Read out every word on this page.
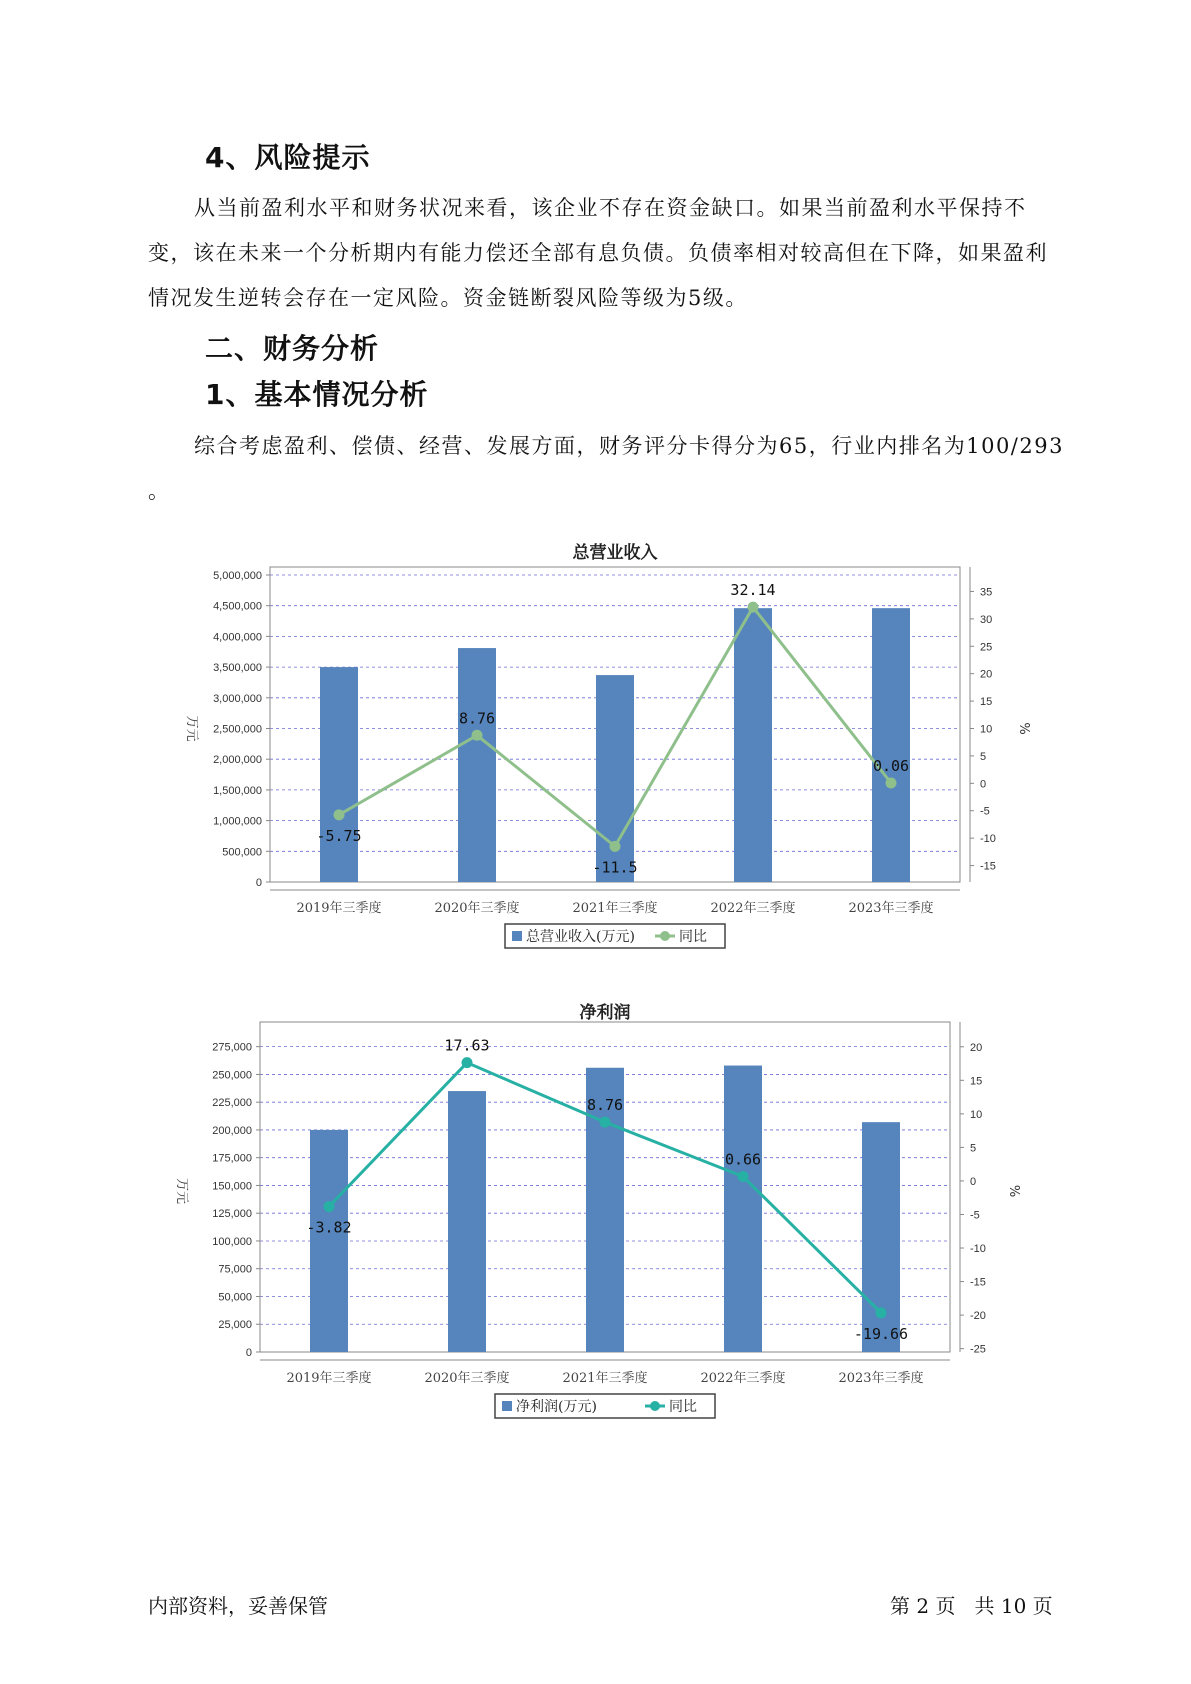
4、风险提示
从当前盈利水平和财务状况来看，该企业不存在资金缺口。如果当前盈利水平保持不变，该在未来一个分析期内有能力偿还全部有息负债。负债率相对较高但在下降，如果盈利情况发生逆转会存在一定风险。资金链断裂风险等级为5级。
二、财务分析
1、基本情况分析
综合考虑盈利、偿债、经营、发展方面，财务评分卡得分为65，行业内排名为100/293
。
总营业收入
0
500,000
1,000,000
1,500,000
2,000,000
2,500,000
3,000,000
3,500,000
4,000,000
4,500,000
5,000,000
-15
-10
-5
0
5
10
15
20
25
30
35
万元	%
2019年三季度	2020年三季度	2021年三季度	2022年三季度	2023年三季度
-5.75
8.76
-11.5
32.14
0.06
总营业收入(万元)	同比
净利润
0
25,000
50,000
75,000
100,000
125,000
150,000
175,000
200,000
225,000
250,000
275,000
-25
-20
-15
-10
-5
0
5
10
15
20
万元	%
2019年三季度	2020年三季度	2021年三季度	2022年三季度	2023年三季度
-3.82
17.63
8.76
0.66
-19.66
净利润(万元)	同比
内部资料，妥善保管	第 2 页   共 10 页
